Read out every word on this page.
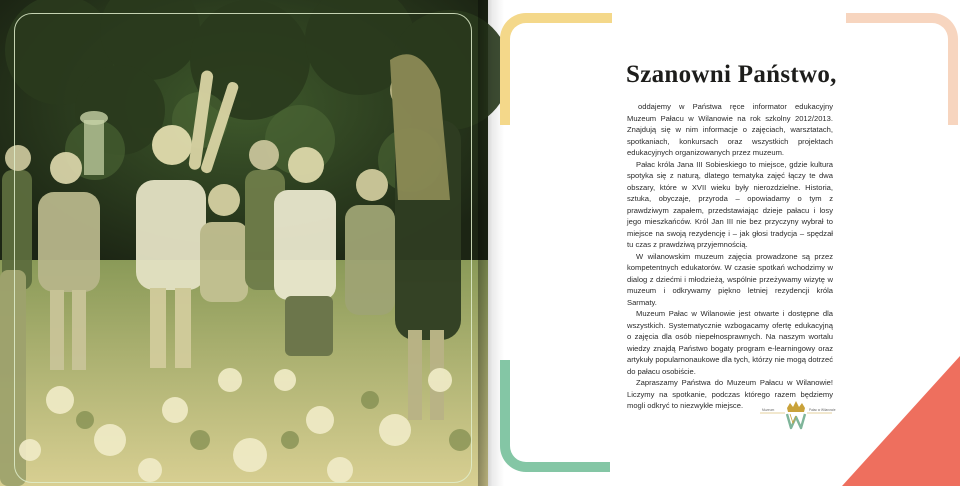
Szanowni Państwo,

oddajemy w Państwa ręce informator edukacyjny Muzeum Pałacu w Wilanowie na rok szkolny 2012/2013. Znajdują się w nim informacje o zajęciach, warsztatach, spotkaniach, konkursach oraz wszystkich projektach edukacyjnych organizowanych przez muzeum.

Pałac króla Jana III Sobieskiego to miejsce, gdzie kultura spotyka się z naturą, dlatego tematyka zajęć łączy te dwa obszary, które w XVII wieku były nierozdzielne. Historia, sztuka, obyczaje, przyroda – opowiadamy o tym z prawdziwym zapałem, przedstawiając dzieje pałacu i losy jego mieszkańców. Król Jan III nie bez przyczyny wybrał to miejsce na swoją rezydencję i – jak głosi tradycja – spędzał tu czas z prawdziwą przyjemnością.

W wilanowskim muzeum zajęcia prowadzone są przez kompetentnych edukatorów. W czasie spotkań wchodzimy w dialog z dziećmi i młodzieżą, wspólnie przeżywamy wizytę w muzeum i odkrywamy piękno letniej rezydencji króla Sarmaty.

Muzeum Pałac w Wilanowie jest otwarte i dostępne dla wszystkich. Systematycznie wzbogacamy ofertę edukacyjną o zajęcia dla osób niepełnosprawnych. Na naszym wortalu wiedzy znajdą Państwo bogaty program e-learningowy oraz artykuły popularnonaukowe dla tych, którzy nie mogą dotrzeć do pałacu osobiście.

Zapraszamy Państwa do Muzeum Pałacu w Wilanowie! Liczymy na spotkanie, podczas którego razem będziemy mogli odkryć to niezwykłe miejsce.	Muzeum	Pałac w Wilanowie
